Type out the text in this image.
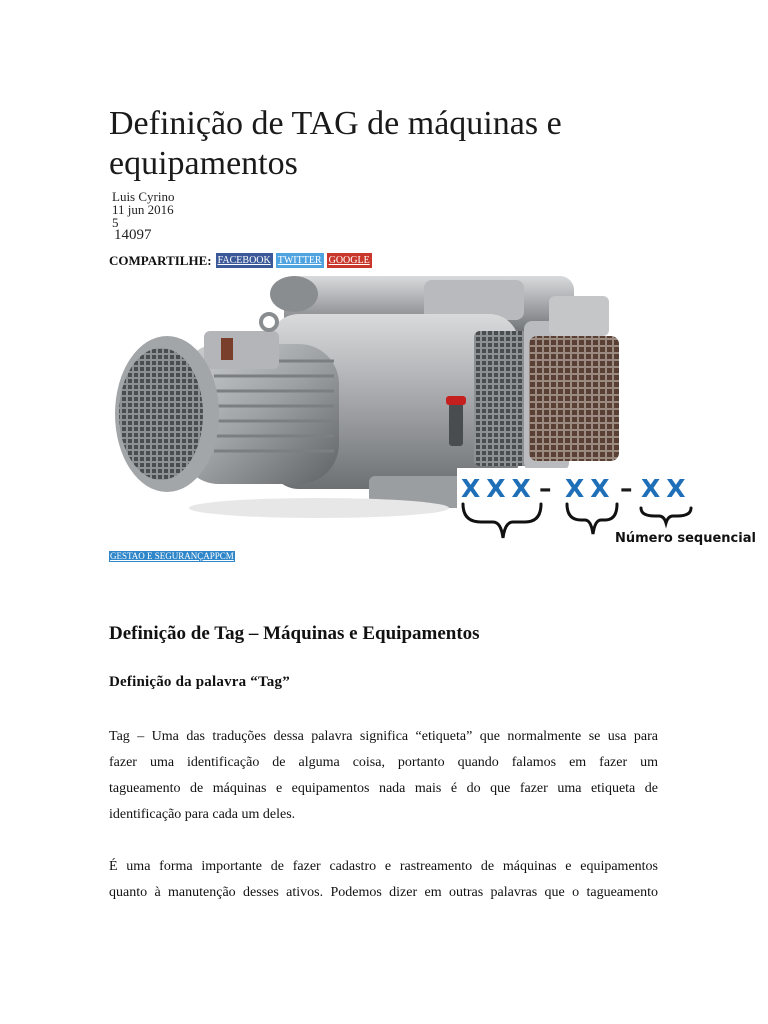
Definição de TAG de máquinas e equipamentos
Luis Cyrino
11 jun 2016
5
14097
COMPARTILHE: FACEBOOK TWITTER GOOGLE
XXX – XX – XX
Número sequencial
GESTAO E SEGURANÇAPPCM
Definição de Tag – Máquinas e Equipamentos
Definição da palavra “Tag”

Tag – Uma das traduções dessa palavra significa “etiqueta” que normalmente se usa para

fazer uma identificação de alguma coisa, portanto quando falamos em fazer um

tagueamento de máquinas e equipamentos nada mais é do que fazer uma etiqueta de

identificação para cada um deles.

É uma forma importante de fazer cadastro e rastreamento de máquinas e equipamentos

quanto à manutenção desses ativos. Podemos dizer em outras palavras que o tagueamento
